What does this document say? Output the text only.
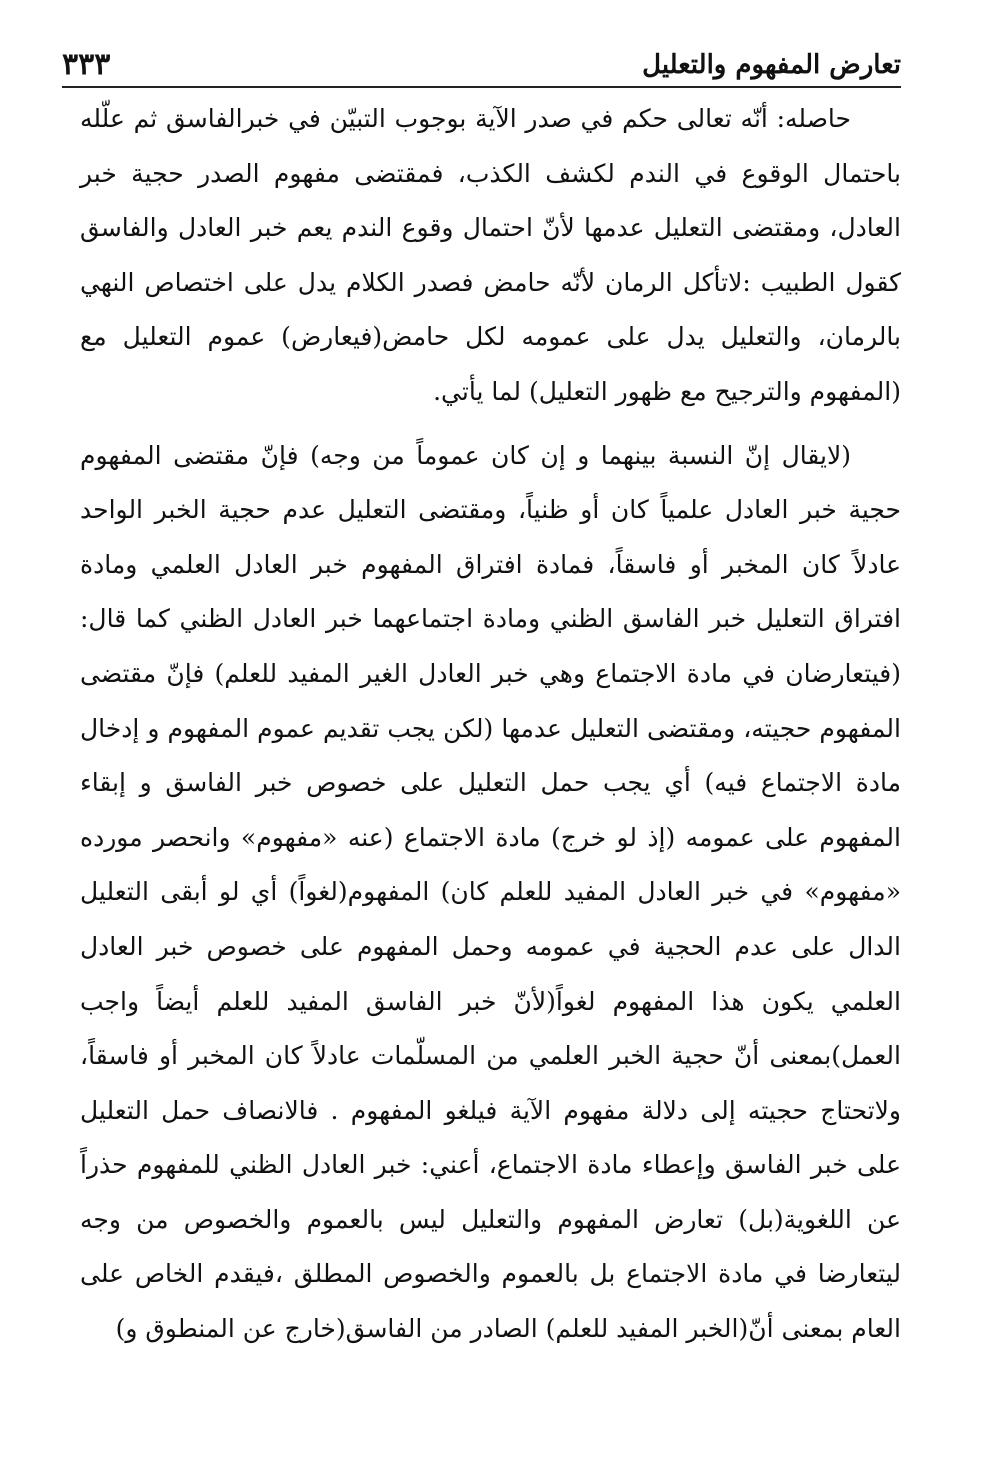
تعارض المفهوم والتعليل
٣٣٣

حاصله: أنّه تعالى حكم في صدر الآية بوجوب التبيّن في خبرالفاسق ثم علّله باحتمال الوقوع في الندم لكشف الكذب، فمقتضى مفهوم الصدر حجية خبر العادل، ومقتضى التعليل عدمها لأنّ احتمال وقوع الندم يعم خبر العادل والفاسق كقول الطبيب :لاتأكل الرمان لأنّه حامض فصدر الكلام يدل على اختصاص النهي بالرمان، والتعليل يدل على عمومه لكل حامض(فيعارض) عموم التعليل مع (المفهوم والترجيح مع ظهور التعليل) لما يأتي.

(لايقال إنّ النسبة بينهما و إن كان عموماً من وجه) فإنّ مقتضى المفهوم حجية خبر العادل علمياً كان أو ظنياً، ومقتضى التعليل عدم حجية الخبر الواحد عادلاً كان المخبر أو فاسقاً، فمادة افتراق المفهوم خبر العادل العلمي ومادة افتراق التعليل خبر الفاسق الظني ومادة اجتماعهما خبر العادل الظني كما قال:(فيتعارضان في مادة الاجتماع وهي خبر العادل الغير المفيد للعلم) فإنّ مقتضى المفهوم حجيته، ومقتضى التعليل عدمها (لكن يجب تقديم عموم المفهوم و إدخال مادة الاجتماع فيه) أي يجب حمل التعليل على خصوص خبر الفاسق و إبقاء المفهوم على عمومه (إذ لو خرج) مادة الاجتماع (عنه «مفهوم» وانحصر مورده «مفهوم» في خبر العادل المفيد للعلم كان) المفهوم(لغواً) أي لو أبقى التعليل الدال على عدم الحجية في عمومه وحمل المفهوم على خصوص خبر العادل العلمي يكون هذا المفهوم لغواً(لأنّ خبر الفاسق المفيد للعلم أيضاً واجب العمل)بمعنى أنّ حجية الخبر العلمي من المسلّمات عادلاً كان المخبر أو فاسقاً، ولاتحتاج حجيته إلى دلالة مفهوم الآية فيلغو المفهوم . فالانصاف حمل التعليل على خبر الفاسق وإعطاء مادة الاجتماع، أعني: خبر العادل الظني للمفهوم حذراً عن اللغوية(بل) تعارض المفهوم والتعليل ليس بالعموم والخصوص من وجه ليتعارضا في مادة الاجتماع بل بالعموم والخصوص المطلق ،فيقدم الخاص على العام بمعنى أنّ(الخبر المفيد للعلم) الصادر من الفاسق(خارج عن المنطوق و)
